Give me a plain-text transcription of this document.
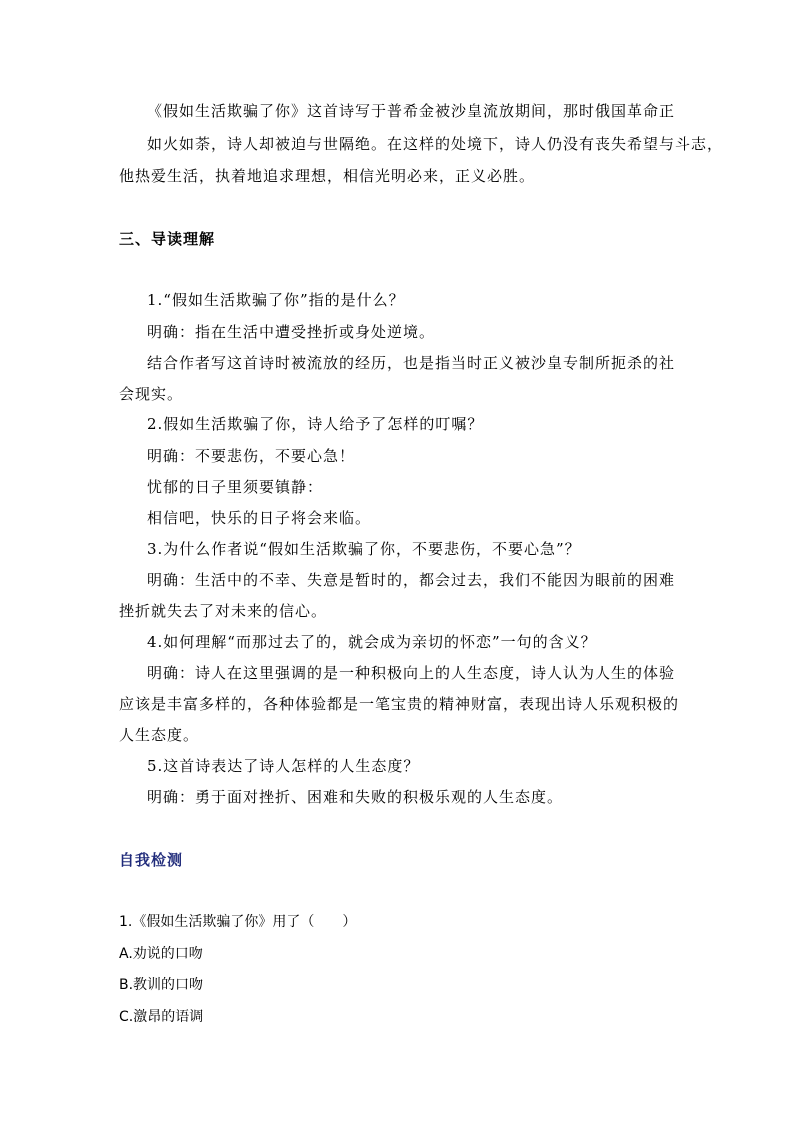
《假如生活欺骗了你》这首诗写于普希金被沙皇流放期间，那时俄国革命正
如火如荼，诗人却被迫与世隔绝。在这样的处境下，诗人仍没有丧失希望与斗志，
他热爱生活，执着地追求理想，相信光明必来，正义必胜。
三、导读理解
1.“假如生活欺骗了你”指的是什么？
明确：指在生活中遭受挫折或身处逆境。
结合作者写这首诗时被流放的经历，也是指当时正义被沙皇专制所扼杀的社
会现实。
2.假如生活欺骗了你，诗人给予了怎样的叮嘱？
明确：不要悲伤，不要心急！
忧郁的日子里须要镇静：
相信吧，快乐的日子将会来临。
3.为什么作者说“假如生活欺骗了你，不要悲伤，不要心急”？
明确：生活中的不幸、失意是暂时的，都会过去，我们不能因为眼前的困难
挫折就失去了对未来的信心。
4.如何理解“而那过去了的，就会成为亲切的怀恋”一句的含义？
明确：诗人在这里强调的是一种积极向上的人生态度，诗人认为人生的体验
应该是丰富多样的，各种体验都是一笔宝贵的精神财富，表现出诗人乐观积极的
人生态度。
5.这首诗表达了诗人怎样的人生态度？
明确：勇于面对挫折、困难和失败的积极乐观的人生态度。
自我检测
1.《假如生活欺骗了你》用了（　　）
A.劝说的口吻
B.教训的口吻
C.激昂的语调
